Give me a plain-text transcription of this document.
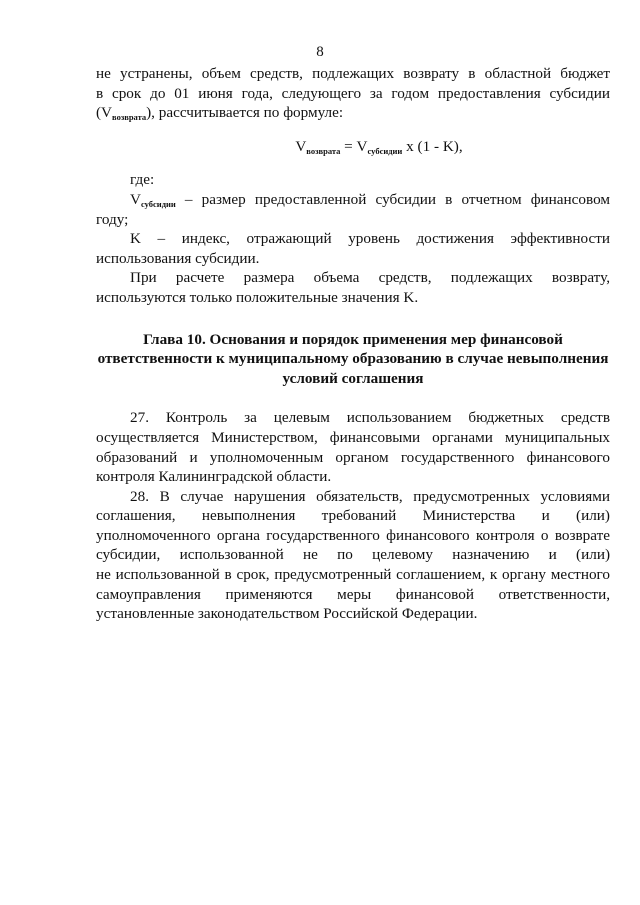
8
не устранены, объем средств, подлежащих возврату в областной бюджет
в срок до 01 июня года, следующего за годом предоставления субсидии
$(V_{возврата})$, рассчитывается по формуле:
$V_{возврата} = V_{субсидии}$ x (1 - K),
где:
$V_{субсидии}$ – размер предоставленной субсидии в отчетном финансовом
году;
K – индекс, отражающий уровень достижения эффективности
использования субсидии.
При расчете размера объема средств, подлежащих возврату,
используются только положительные значения K.
Глава 10. Основания и порядок применения мер финансовой
ответственности к муниципальному образованию в случае невыполнения
условий соглашения
27. Контроль за целевым использованием бюджетных средств
осуществляется Министерством, финансовыми органами муниципальных
образований и уполномоченным органом государственного финансового
контроля Калининградской области.
28. В случае нарушения обязательств, предусмотренных условиями
соглашения, невыполнения требований Министерства и (или)
уполномоченного органа государственного финансового контроля о возврате
субсидии, использованной не по целевому назначению и (или)
не использованной в срок, предусмотренный соглашением, к органу местного
самоуправления применяются меры финансовой ответственности,
установленные законодательством Российской Федерации.
